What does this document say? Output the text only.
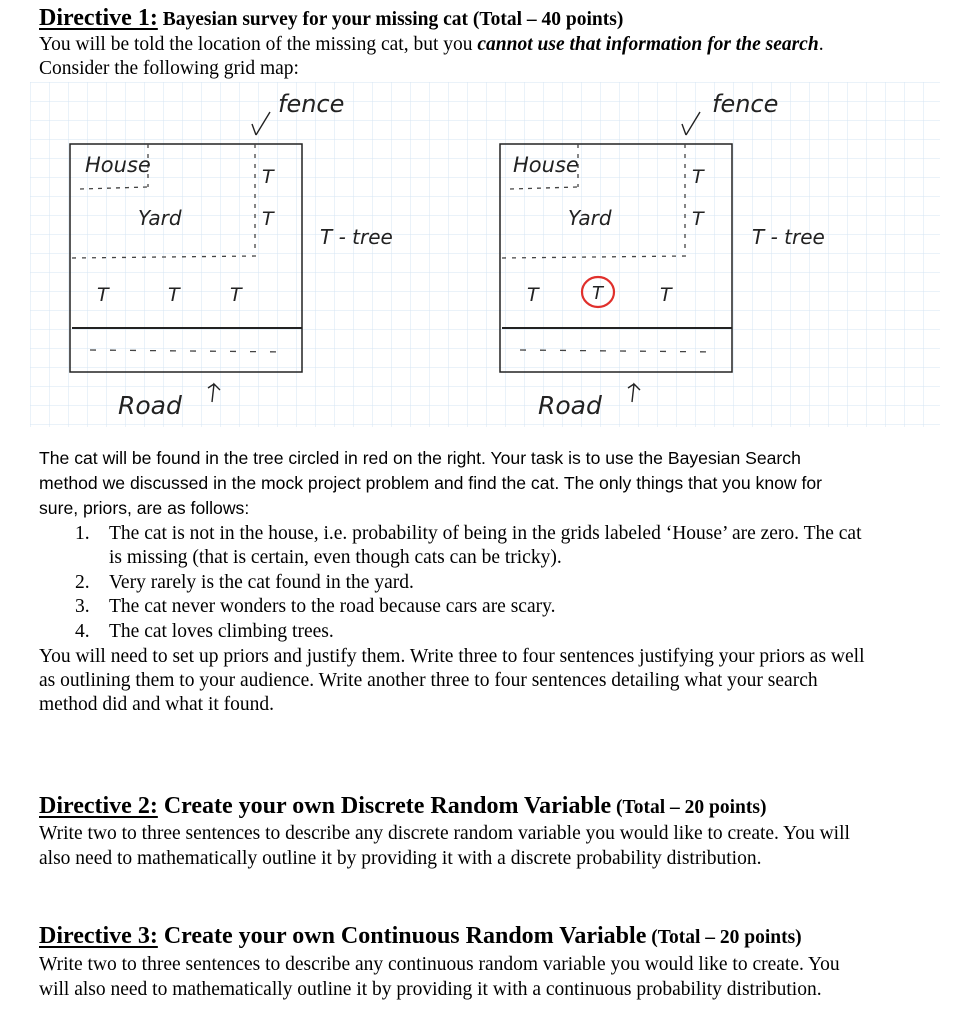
Directive 1: Bayesian survey for your missing cat (Total – 40 points)
You will be told the location of the missing cat, but you cannot use that information for the search.
Consider the following grid map:
fence
House
Yard
T
T
T	T	T
T - tree
Road
fence
House
Yard
T
T
T	T	T
T - tree
Road
The cat will be found in the tree circled in red on the right. Your task is to use the Bayesian Search
method we discussed in the mock project problem and find the cat. The only things that you know for
sure, priors, are as follows:
1. The cat is not in the house, i.e. probability of being in the grids labeled ‘House’ are zero. The cat
is missing (that is certain, even though cats can be tricky).
2. Very rarely is the cat found in the yard.
3. The cat never wonders to the road because cars are scary.
4. The cat loves climbing trees.
You will need to set up priors and justify them. Write three to four sentences justifying your priors as well
as outlining them to your audience. Write another three to four sentences detailing what your search
method did and what it found.
Directive 2: Create your own Discrete Random Variable (Total – 20 points)
Write two to three sentences to describe any discrete random variable you would like to create. You will
also need to mathematically outline it by providing it with a discrete probability distribution.
Directive 3: Create your own Continuous Random Variable (Total – 20 points)
Write two to three sentences to describe any continuous random variable you would like to create. You
will also need to mathematically outline it by providing it with a continuous probability distribution.
